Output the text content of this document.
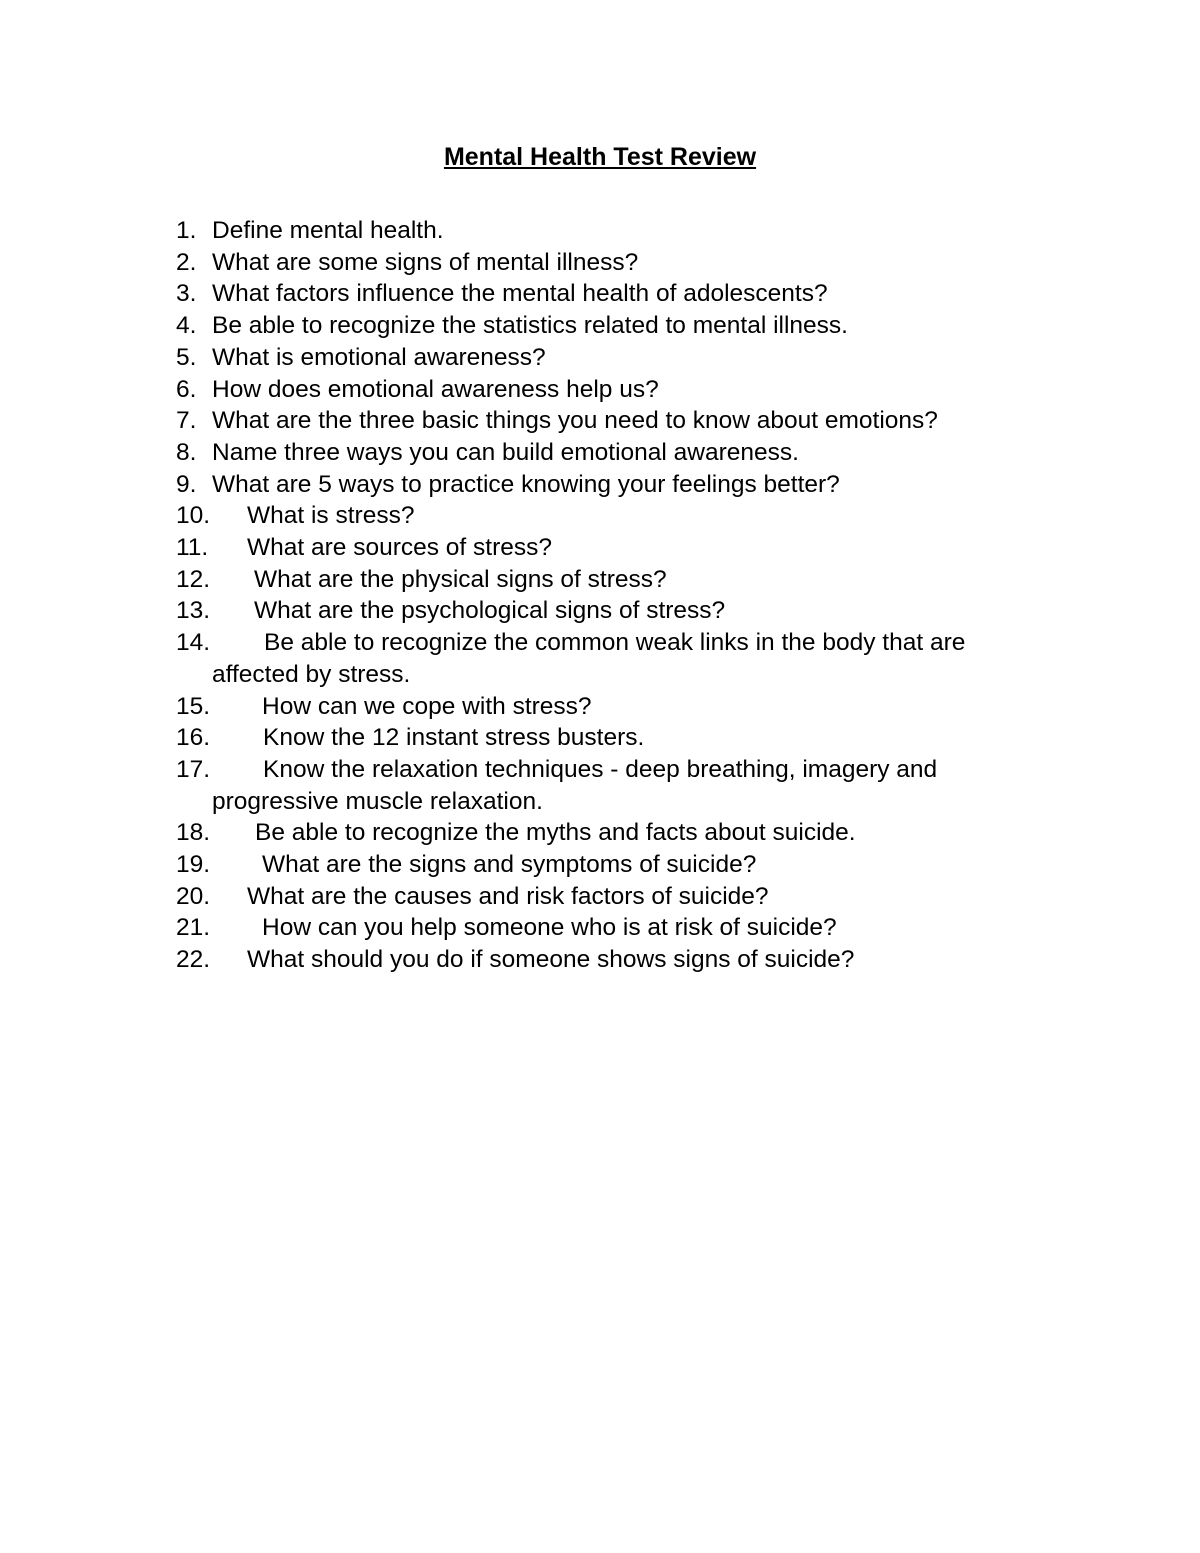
Mental Health Test Review
1. Define mental health.
2. What are some signs of mental illness?
3. What factors influence the mental health of adolescents?
4. Be able to recognize the statistics related to mental illness.
5. What is emotional awareness?
6. How does emotional awareness help us?
7. What are the three basic things you need to know about emotions?
8. Name three ways you can build emotional awareness.
9. What are 5 ways to practice knowing your feelings better?
10.	What is stress?
11.	What are sources of stress?
12.	What are the physical signs of stress?
13.	What are the psychological signs of stress?
14.	Be able to recognize the common weak links in the body that are
affected by stress.
15.	How can we cope with stress?
16.	Know the 12 instant stress busters.
17.	Know the relaxation techniques - deep breathing, imagery and
progressive muscle relaxation.
18.	Be able to recognize the myths and facts about suicide.
19.	What are the signs and symptoms of suicide?
20.	What are the causes and risk factors of suicide?
21.	How can you help someone who is at risk of suicide?
22.	What should you do if someone shows signs of suicide?
